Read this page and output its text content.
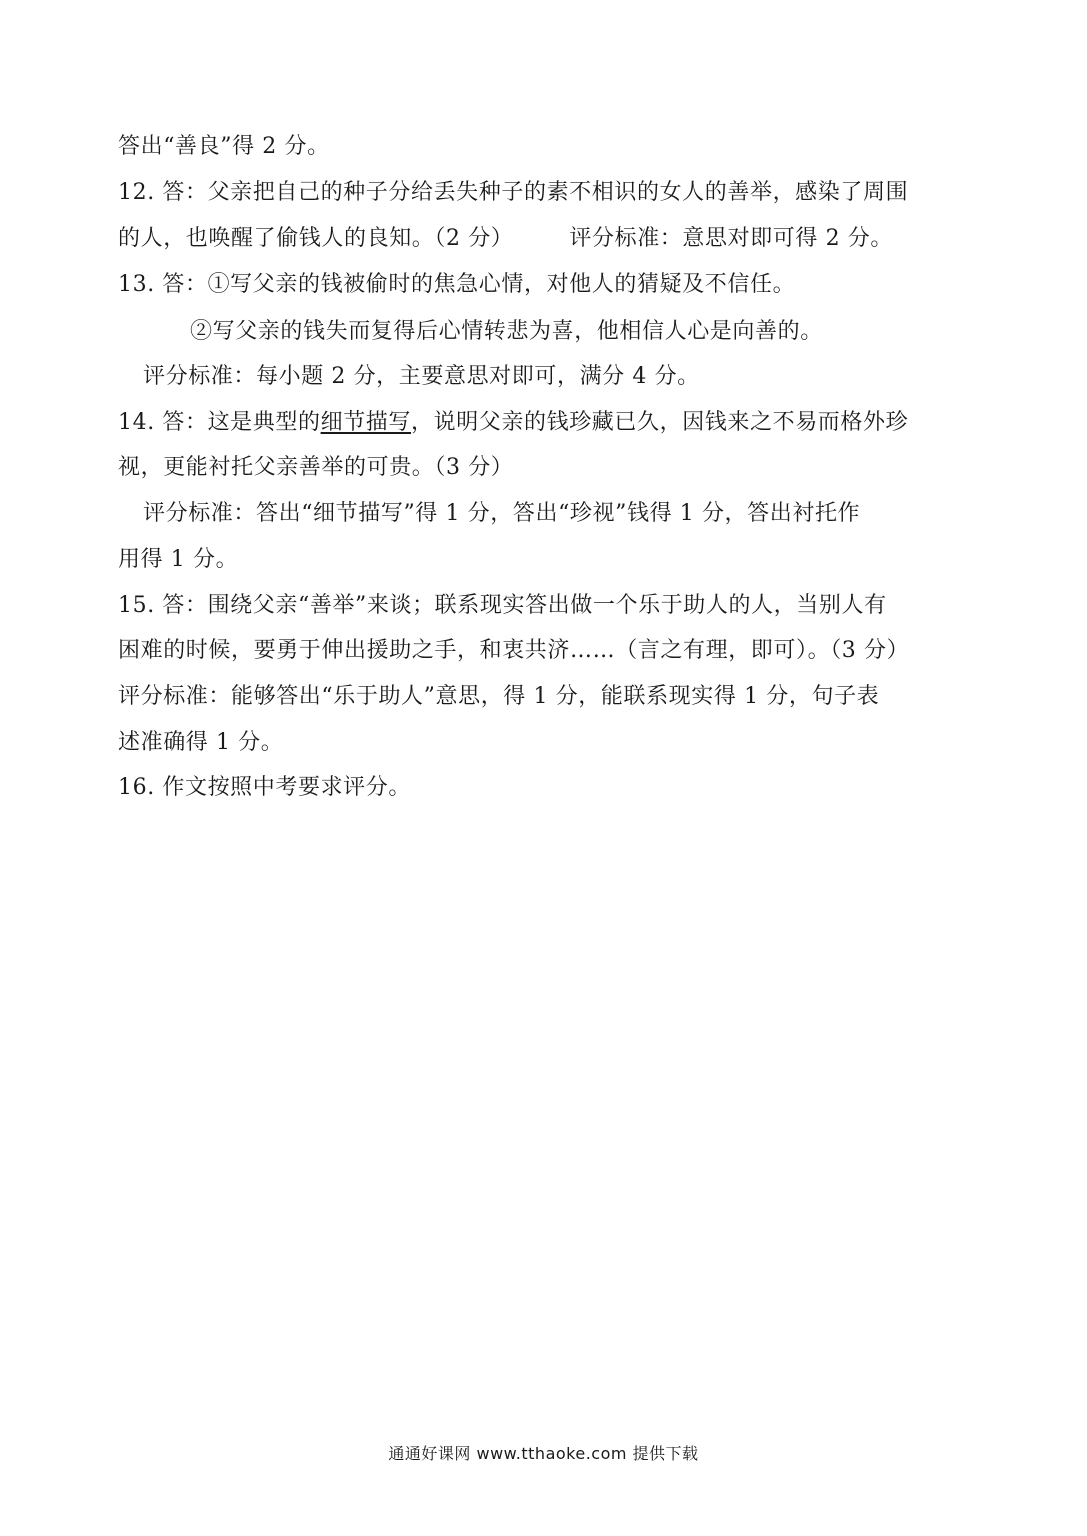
答出“善良”得 2 分。
12. 答：父亲把自己的种子分给丢失种子的素不相识的女人的善举，感染了周围
的人，也唤醒了偷钱人的良知。（2 分）	评分标准：意思对即可得 2 分。
13. 答：①写父亲的钱被偷时的焦急心情，对他人的猜疑及不信任。
②写父亲的钱失而复得后心情转悲为喜，他相信人心是向善的。
评分标准：每小题 2 分，主要意思对即可，满分 4 分。
14. 答：这是典型的细节描写，说明父亲的钱珍藏已久，因钱来之不易而格外珍
视，更能衬托父亲善举的可贵。（3 分）
评分标准：答出“细节描写”得 1 分，答出“珍视”钱得 1 分，答出衬托作
用得 1 分。
15. 答：围绕父亲“善举”来谈；联系现实答出做一个乐于助人的人，当别人有
困难的时候，要勇于伸出援助之手，和衷共济……（言之有理，即可）。（3 分）
评分标准：能够答出“乐于助人”意思，得 1 分，能联系现实得 1 分，句子表
述准确得 1 分。
16. 作文按照中考要求评分。
通通好课网 www.tthaoke.com 提供下载
